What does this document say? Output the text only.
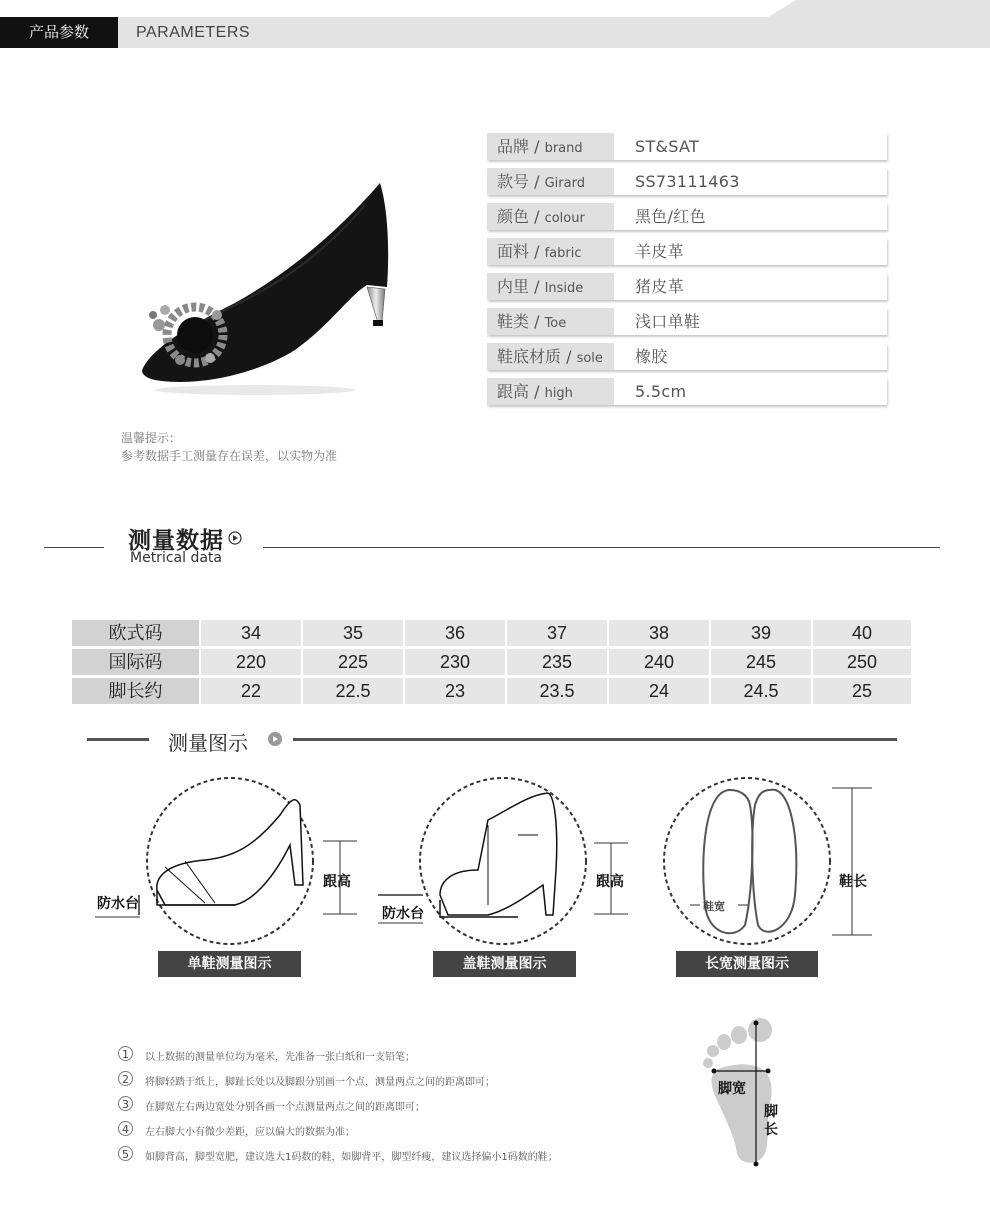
产品参数	PARAMETERS
品牌 / brand	ST&SAT
款号 / Girard	SS73111463
颜色 / colour	黑色/红色
面料 / fabric	羊皮革
内里 / Inside	猪皮革
鞋类 / Toe	浅口单鞋
鞋底材质 / sole	橡胶
跟高 / high	5.5cm
温馨提示：
参考数据手工测量存在误差，以实物为准
测量数据
Metrical data
欧式码	34	35	36	37	38	39	40
国际码	220	225	230	235	240	245	250
脚长约	22	22.5	23	23.5	24	24.5	25
测量图示
防水台
跟高
单鞋测量图示
防水台
跟高
盖鞋测量图示
鞋宽
鞋长
长宽测量图示
1	以上数据的测量单位均为毫米，先准备一张白纸和一支铅笔；
2	将脚轻踏于纸上，脚趾长处以及脚跟分别画一个点，测量两点之间的距离即可；
3	在脚宽左右两边宽处分别各画一个点测量两点之间的距离即可；
4	左右脚大小有微少差距，应以偏大的数据为准；
5	如脚背高，脚型宽肥，建议选大1码数的鞋，如脚背平，脚型纤瘦，建议选择偏小1码数的鞋；
脚宽
脚
长
